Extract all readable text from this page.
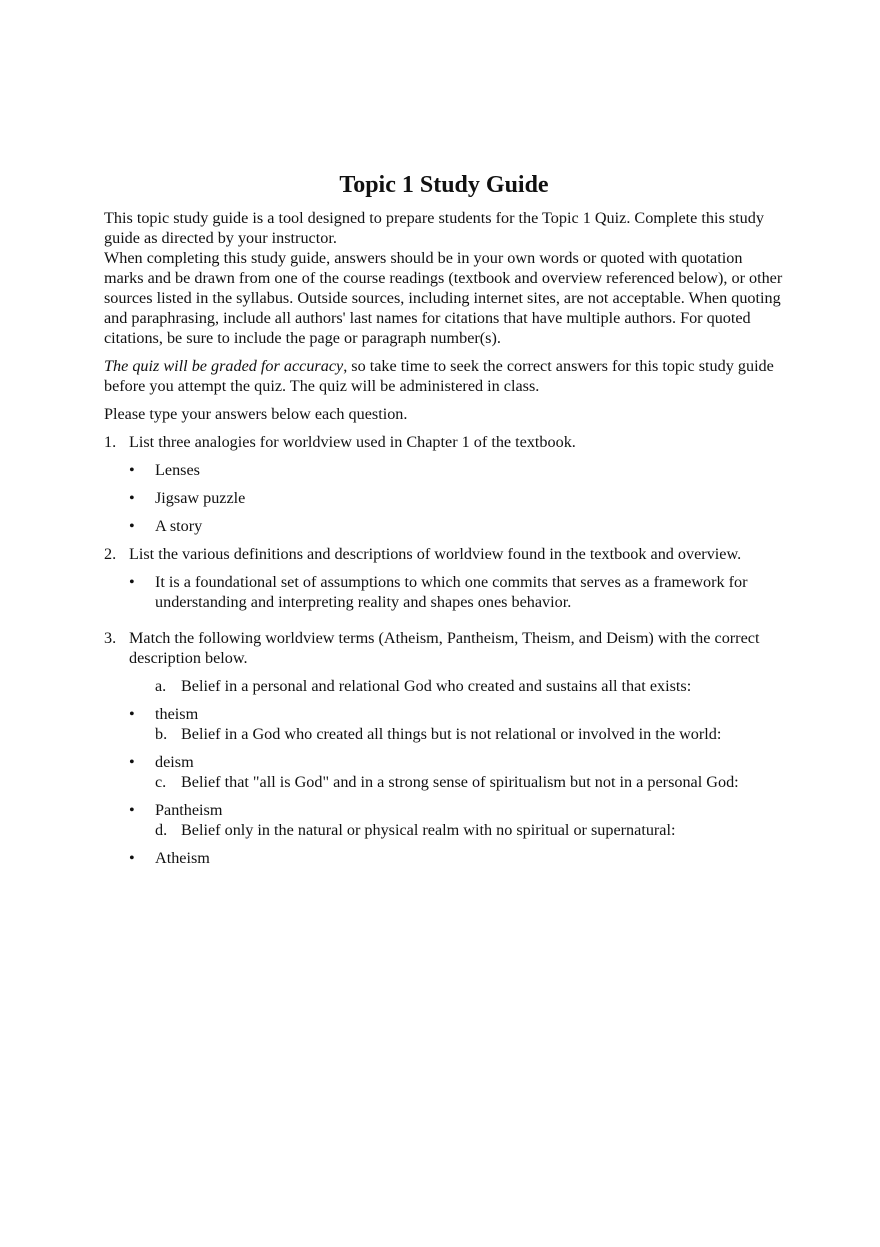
Topic 1 Study Guide

This topic study guide is a tool designed to prepare students for the Topic 1 Quiz. Complete this study guide as directed by your instructor.

When completing this study guide, answers should be in your own words or quoted with quotation marks and be drawn from one of the course readings (textbook and overview referenced below), or other sources listed in the syllabus. Outside sources, including internet sites, are not acceptable. When quoting and paraphrasing, include all authors' last names for citations that have multiple authors. For quoted citations, be sure to include the page or paragraph number(s).

The quiz will be graded for accuracy, so take time to seek the correct answers for this topic study guide before you attempt the quiz. The quiz will be administered in class.

Please type your answers below each question.

1. List three analogies for worldview used in Chapter 1 of the textbook.
• Lenses
• Jigsaw puzzle
• A story
2. List the various definitions and descriptions of worldview found in the textbook and overview.
• It is a foundational set of assumptions to which one commits that serves as a framework for understanding and interpreting reality and shapes ones behavior.
3. Match the following worldview terms (Atheism, Pantheism, Theism, and Deism) with the correct description below.
a. Belief in a personal and relational God who created and sustains all that exists:
• theism
b. Belief in a God who created all things but is not relational or involved in the world:
• deism
c. Belief that "all is God" and in a strong sense of spiritualism but not in a personal God:
• Pantheism
d. Belief only in the natural or physical realm with no spiritual or supernatural:
• Atheism
